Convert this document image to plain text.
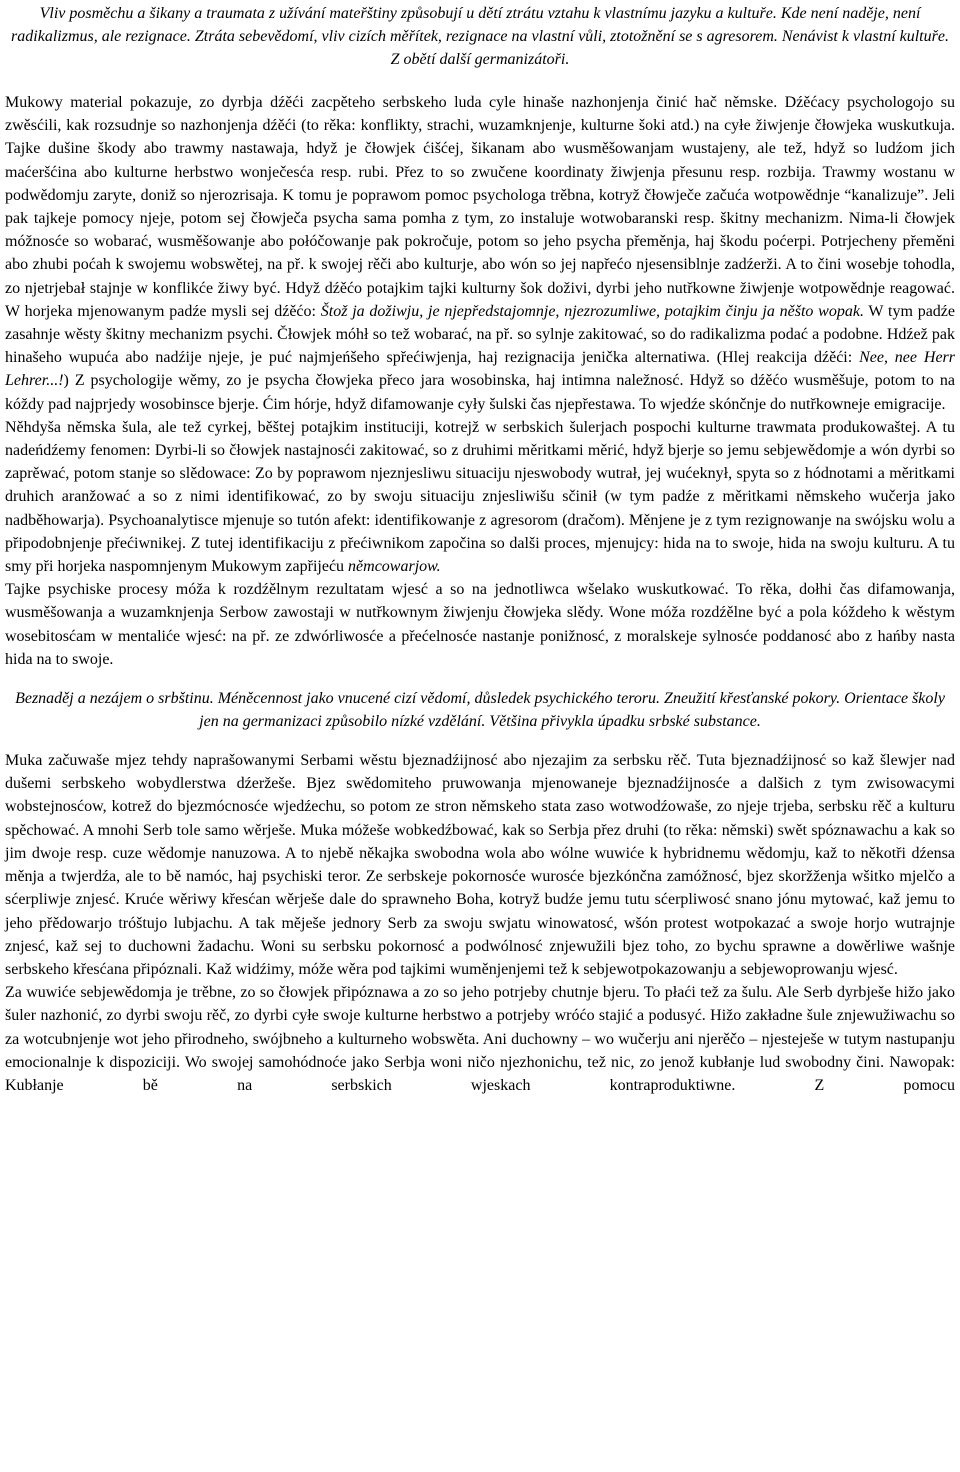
Vliv posměchu a šikany a traumata z užívání mateřštiny způsobují u dětí ztrátu vztahu k vlastnímu jazyku a kultuře. Kde není naděje, není radikalizmus, ale rezignace. Ztráta sebevědomí, vliv cizích měřítek, rezignace na vlastní vůli, ztotožnění se s agresorem. Nenávist k vlastní kultuře. Z obětí další germanizátoři.

Mukowy material pokazuje, zo dyrbja dźěći zacpěteho serbskeho luda cyle hinaše nazhonjenja činić hač němske. Dźěćacy psychologojo su zwěsćili, kak rozsudnje so nazhonjenja dźěći (to rěka: konflikty, strachi, wuzamknjenje, kulturne šoki atd.) na cyłe žiwjenje čłowjeka wuskutkuja. Tajke dušine škody abo trawmy nastawaja, hdyž je čłowjek ćišćej, šikanam abo wusměšowanjam wustajeny, ale tež, hdyž so ludźom jich maćeršćina abo kulturne herbstwo wonječesća resp. rubi. Přez to so zwučene koordinaty žiwjenja přesunu resp. rozbija. Trawmy wostanu w podwědomju zaryte, doniž so njerozrisaja. K tomu je poprawom pomoc psychologa trěbna, kotryž čłowječe začuća wotpowědnje “kanalizuje”. Jeli pak tajkeje pomocy njeje, potom sej čłowječa psycha sama pomha z tym, zo instaluje wotwobaranski resp. škitny mechanizm. Nima-li čłowjek móžnosće so wobarać, wusměšowanje abo połóčowanje pak pokročuje, potom so jeho psycha přeměnja, haj škodu poćerpi. Potrjecheny přeměni abo zhubi poćah k swojemu wobswětej, na př. k swojej rěči abo kulturje, abo wón so jej napřećo njesensiblnje zadźerži. A to čini wosebje tohodla, zo njetrjebał stajnje w konflikće žiwy być. Hdyž dźěćo potajkim tajki kulturny šok doživi, dyrbi jeho nutřkowne žiwjenje wotpowědnje reagować. W horjeka mjenowanym padźe mysli sej dźěćo: Štož ja dožiwju, je njepředstajomnje, njezrozumliwe, potajkim činju ja něšto wopak. W tym padźe zasahnje wěsty škitny mechanizm psychi. Čłowjek móhł so tež wobarać, na př. so sylnje zakitować, so do radikalizma podać a podobne. Hdźež pak hinašeho wupuća abo nadźije njeje, je puć najmjeńšeho spřećiwjenja, haj rezignacija jenička alternatiwa. (Hlej reakcija dźěći: Nee, nee Herr Lehrer...!) Z psychologije wěmy, zo je psycha čłowjeka přeco jara wosobinska, haj intimna naležnosć. Hdyž so dźěćo wusměšuje, potom to na kóždy pad najprjedy wosobinsce bjerje. Ćim hórje, hdyž difamowanje cyły šulski čas njepřestawa. To wjedźe skónčnje do nutřkowneje emigracije.

Něhdyša němska šula, ale tež cyrkej, běštej potajkim instituciji, kotrejž w serbskich šulerjach pospochi kulturne trawmata produkowaštej. A tu nadeńdźemy fenomen: Dyrbi-li so čłowjek nastajnosći zakitować, so z druhimi měritkami měrić, hdyž bjerje so jemu sebjewědomje a wón dyrbi so zaprěwać, potom stanje so slědowace: Zo by poprawom njeznjesliwu situaciju njeswobody wutrał, jej wućeknył, spyta so z hódnotami a měritkami druhich aranžować a so z nimi identifikować, zo by swoju situaciju znjesliwišu sčinił (w tym padźe z měritkami němskeho wučerja jako nadběhowarja). Psychoanalytisce mjenuje so tutón afekt: identifikowanje z agresorom (dračom). Měnjene je z tym rezignowanje na swójsku wolu a připodobnjenje přećiwnikej. Z tutej identifikaciju z přećiwnikom započina so dalši proces, mjenujcy: hida na to swoje, hida na swoju kulturu. A tu smy při horjeka naspomnjenym Mukowym zapřijeću němcowarjow.

Tajke psychiske procesy móža k rozdźělnym rezultatam wjesć a so na jednotliwca wšelako wuskutkować. To rěka, dołhi čas difamowanja, wusměšowanja a wuzamknjenja Serbow zawostaji w nutřkownym žiwjenju čłowjeka slědy. Wone móža rozdźělne być a pola kóždeho k wěstym wosebitosćam w mentaliće wjesć: na př. ze zdwórliwosće a přećelnosće nastanje ponižnosć, z moralskeje sylnosće poddanosć abo z hańby nasta hida na to swoje.

Beznaděj a nezájem o srbštinu. Méněcennost jako vnucené cizí vědomí, důsledek psychického teroru. Zneužití křesťanské pokory. Orientace školy jen na germanizaci způsobilo nízké vzdělání. Většina přivykla úpadku srbské substance.

Muka začuwaše mjez tehdy naprašowanymi Serbami wěstu bjeznadźijnosć abo njezajim za serbsku rěč. Tuta bjeznadźijnosć so kaž šlewjer nad dušemi serbskeho wobydlerstwa dźeržeše. Bjez swědomiteho pruwowanja mjenowaneje bjeznadźijnosće a dalšich z tym zwisowacymi wobstejnosćow, kotrež do bjezmócnosće wjedźechu, so potom ze stron němskeho stata zaso wotwodźowaše, zo njeje trjeba, serbsku rěč a kulturu spěchować. A mnohi Serb tole samo wěrješe. Muka móžeše wobkedźbować, kak so Serbja přez druhi (to rěka: němski) swět spóznawachu a kak so jim dwoje resp. cuze wědomje nanuzowa. A to njebě někajka swobodna wola abo wólne wuwiće k hybridnemu wědomju, kaž to někotři dźensa měnja a twjerdźa, ale to bě namóc, haj psychiski teror. Ze serbskeje pokornosće wurosće bjezkónčna zamóžnosć, bjez skoržženja wšitko mjelčo a sćerpliwje znjesć. Kruće wěriwy křesćan wěrješe dale do sprawneho Boha, kotryž budźe jemu tutu sćerpliwosć snano jónu mytować, kaž jemu to jeho přědowarjo tróštujo lubjachu. A tak měješe jednory Serb za swoju swjatu winowatosć, wšón protest wotpokazać a swoje horjo wutrajnje znjesć, kaž sej to duchowni žadachu. Woni su serbsku pokornosć a podwólnosć znjewužili bjez toho, zo bychu sprawne a dowěrliwe wašnje serbskeho křesćana připóznali. Kaž widźimy, móže wěra pod tajkimi wuměnjenjemi tež k sebjewotpokazowanju a sebjewoprowanju wjesć.

Za wuwiće sebjewědomja je trěbne, zo so čłowjek připóznawa a zo so jeho potrjeby chutnje bjeru. To płaći tež za šulu. Ale Serb dyrbješe hižo jako šuler nazhonić, zo dyrbi swoju rěč, zo dyrbi cyłe swoje kulturne herbstwo a potrjeby wróćo stajić a podusyć. Hižo zakładne šule znjewužiwachu so za wotcubnjenje wot jeho přirodneho, swójbneho a kulturneho wobswěta. Ani duchowny – wo wučerju ani njerěčo – njesteješe w tutym nastupanju emocionalnje k dispoziciji. Wo swojej samohódnoće jako Serbja woni ničo njezhonichu, tež nic, zo jenož kubłanje lud swobodny čini. Nawopak: Kubłanje bě na serbskich wjeskach kontraproduktiwne. Z pomocu
